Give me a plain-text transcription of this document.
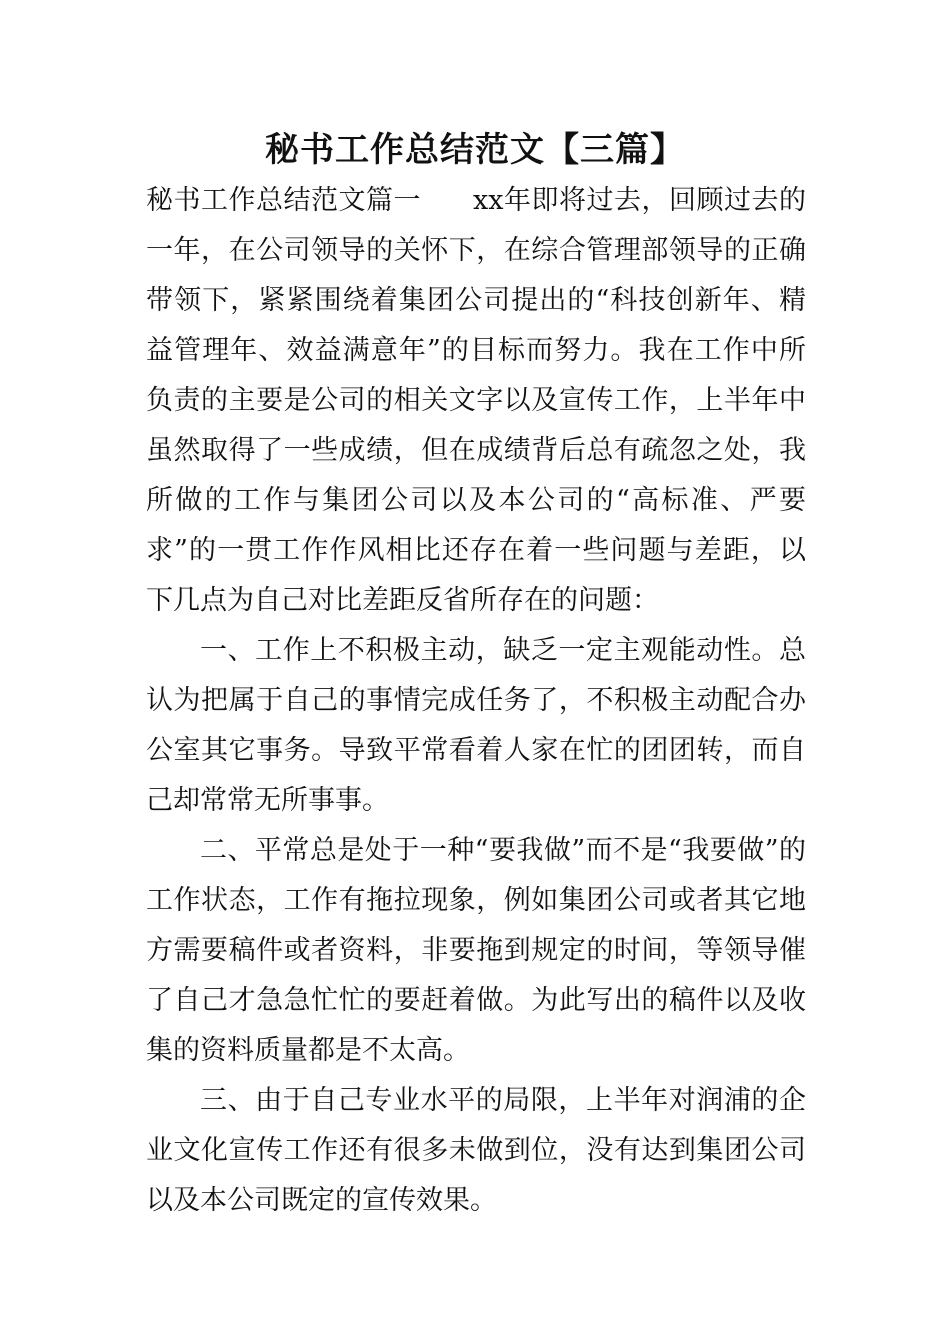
秘书工作总结范文【三篇】

秘书工作总结范文篇一 xx年即将过去，回顾过去的一年，在公司领导的关怀下，在综合管理部领导的正确带领下，紧紧围绕着集团公司提出的“科技创新年、精益管理年、效益满意年”的目标而努力。我在工作中所负责的主要是公司的相关文字以及宣传工作，上半年中虽然取得了一些成绩，但在成绩背后总有疏忽之处，我所做的工作与集团公司以及本公司的“高标准、严要求”的一贯工作作风相比还存在着一些问题与差距，以下几点为自己对比差距反省所存在的问题：

一、工作上不积极主动，缺乏一定主观能动性。总认为把属于自己的事情完成任务了，不积极主动配合办公室其它事务。导致平常看着人家在忙的团团转，而自己却常常无所事事。

二、平常总是处于一种“要我做”而不是“我要做”的工作状态，工作有拖拉现象，例如集团公司或者其它地方需要稿件或者资料，非要拖到规定的时间，等领导催了自己才急急忙忙的要赶着做。为此写出的稿件以及收集的资料质量都是不太高。

三、由于自己专业水平的局限，上半年对润浦的企业文化宣传工作还有很多未做到位，没有达到集团公司以及本公司既定的宣传效果。
